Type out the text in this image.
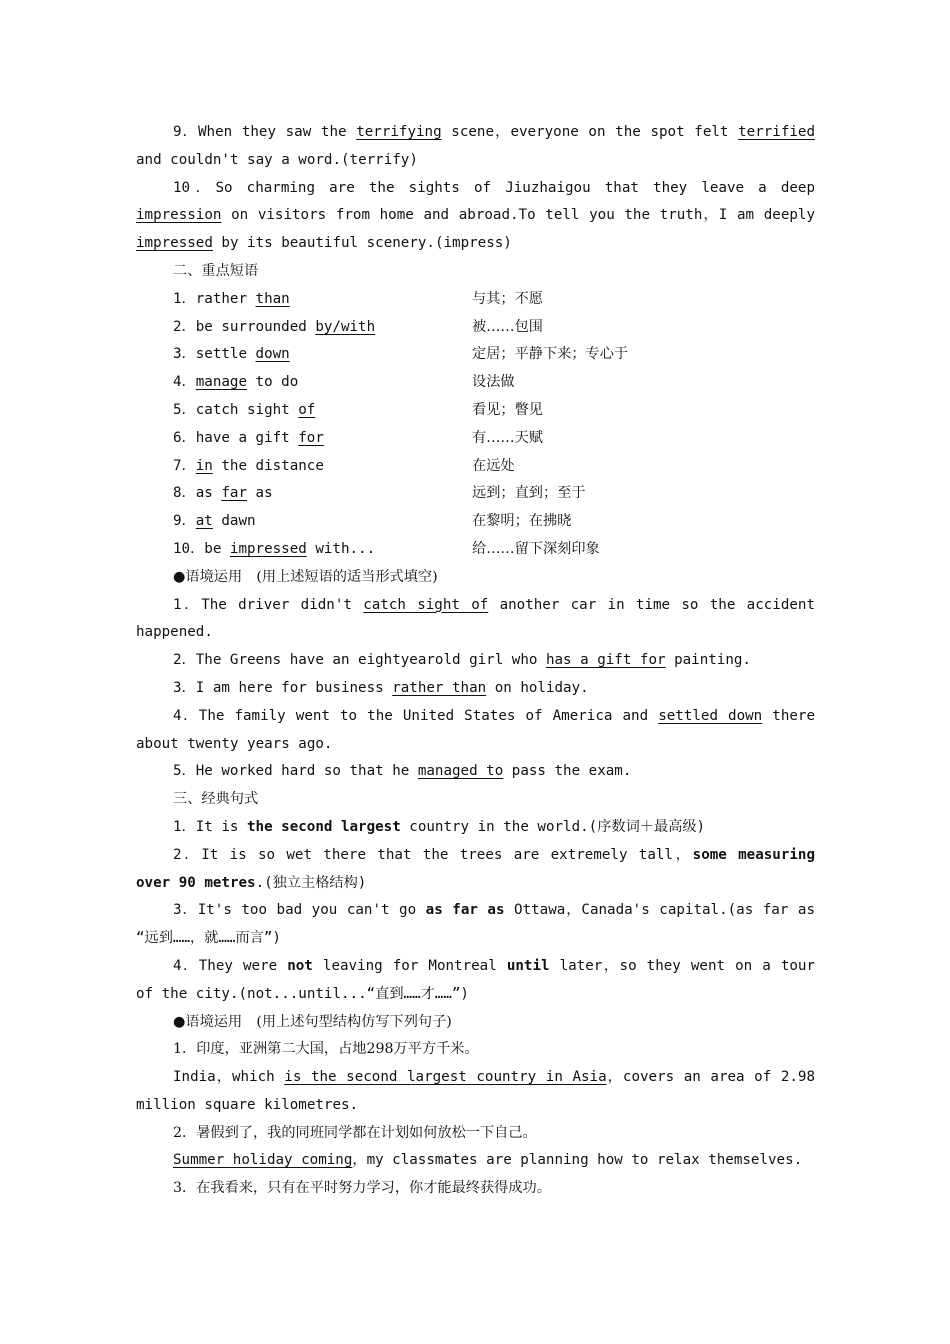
9．When they saw the terrifying scene，everyone on the spot felt terrified and couldn't say a word.(terrify)

10．So charming are the sights of Jiuzhaigou that they leave a deep impression on visitors from home and abroad.To tell you the truth，I am deeply impressed by its beautiful scenery.(impress)

二、重点短语

1．rather than	与其；不愿
2．be surrounded by/with	被……包围
3．settle down	定居；平静下来；专心于
4．manage to do	设法做
5．catch sight of	看见；瞥见
6．have a gift for	有……天赋
7．in the distance	在远处
8．as far as	远到；直到；至于
9．at dawn	在黎明；在拂晓
10．be impressed with...	给……留下深刻印象

●语境运用　(用上述短语的适当形式填空)

1．The driver didn't catch sight of another car in time so the accident happened.

2．The Greens have an eightyearold girl who has a gift for painting.

3．I am here for business rather than on holiday.

4．The family went to the United States of America and settled down there about twenty years ago.

5．He worked hard so that he managed to pass the exam.

三、经典句式

1．It is the second largest country in the world.(序数词＋最高级)

2．It is so wet there that the trees are extremely tall，some measuring over 90 metres.(独立主格结构)

3．It's too bad you can't go as far as Ottawa，Canada's capital.(as far as “远到……，就……而言”)

4．They were not leaving for Montreal until later，so they went on a tour of the city.(not...until...“直到……才……”)

●语境运用　(用上述句型结构仿写下列句子)

1．印度，亚洲第二大国，占地298万平方千米。

India，which is the second largest country in Asia，covers an area of 2.98 million square kilometres.

2．暑假到了，我的同班同学都在计划如何放松一下自己。

Summer holiday coming，my classmates are planning how to relax themselves.

3．在我看来，只有在平时努力学习，你才能最终获得成功。
